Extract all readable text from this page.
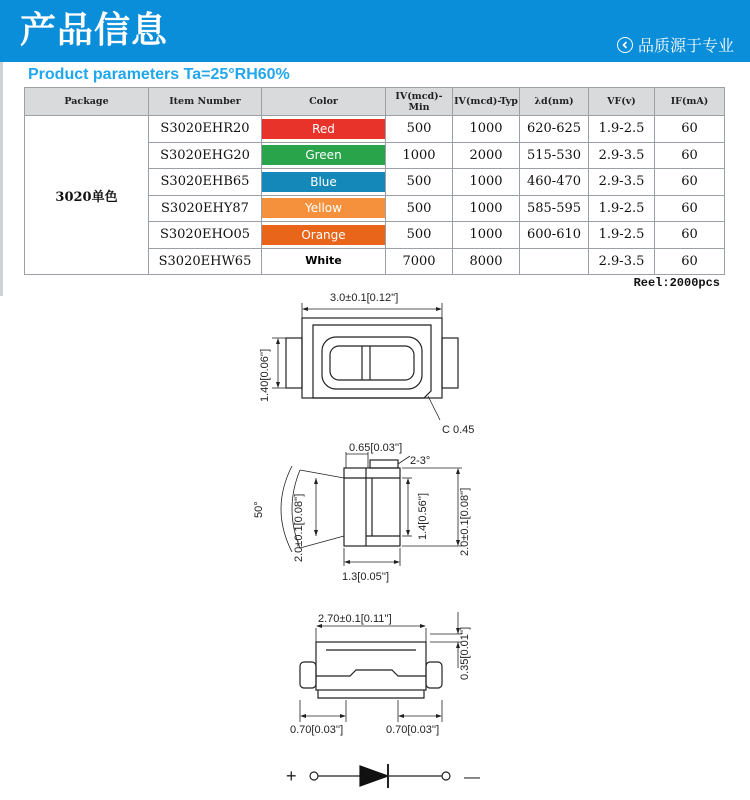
产品信息	品质源于专业
Product parameters Ta=25°RH60%
Package	Item Number	Color	IV(mcd)-Min	IV(mcd)-Typ	λd(nm)	VF(v)	IF(mA)
3020单色	S3020EHR20	Red	500	1000	620-625	1.9-2.5	60
	S3020EHG20	Green	1000	2000	515-530	2.9-3.5	60
	S3020EHB65	Blue	500	1000	460-470	2.9-3.5	60
	S3020EHY87	Yellow	500	1000	585-595	1.9-2.5	60
	S3020EHO05	Orange	500	1000	600-610	1.9-2.5	60
	S3020EHW65	White	7000	8000		2.9-3.5	60
Reel:2000pcs
3.0±0.1[0.12'']
1.40[0.06'']
C 0.45
0.65[0.03'']
2-3°
50°	2.0±0.1[0.08'']	1.4[0.56'']	2.0±0.1[0.08'']
1.3[0.05'']
2.70±0.1[0.11'']
0.35[0.01'']
0.70[0.03'']	0.70[0.03'']
+	—
